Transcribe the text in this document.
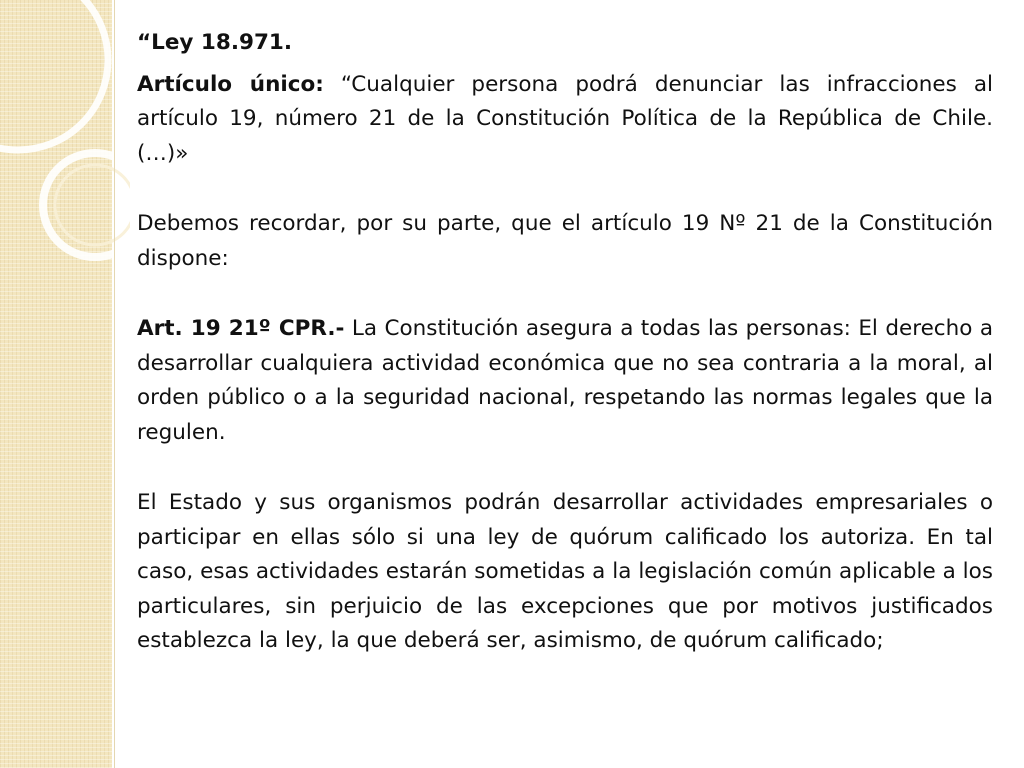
“Ley 18.971.

Artículo único: “Cualquier persona podrá denunciar las infracciones al artículo 19, número 21 de la Constitución Política de la República de Chile. (…)»

Debemos recordar, por su parte, que el artículo 19 Nº 21 de la Constitución dispone:

Art. 19 21º CPR.- La Constitución asegura a todas las personas: El derecho a desarrollar cualquiera actividad económica que no sea contraria a la moral, al orden público o a la seguridad nacional, respetando las normas legales que la regulen.

El Estado y sus organismos podrán desarrollar actividades empresariales o participar en ellas sólo si una ley de quórum calificado los autoriza. En tal caso, esas actividades estarán sometidas a la legislación común aplicable a los particulares, sin perjuicio de las excepciones que por motivos justificados establezca la ley, la que deberá ser, asimismo, de quórum calificado;
